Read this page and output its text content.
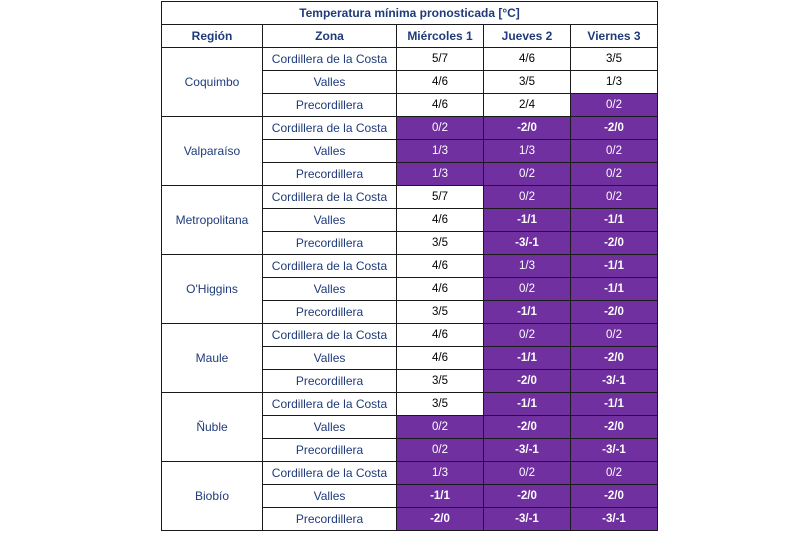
Temperatura mínima pronosticada [°C]				
Región	Zona	Miércoles 1	Jueves 2	Viernes 3
Coquimbo	Cordillera de la Costa	5/7	4/6	3/5
	Valles	4/6	3/5	1/3
	Precordillera	4/6	2/4	0/2
Valparaíso	Cordillera de la Costa	0/2	-2/0	-2/0
	Valles	1/3	1/3	0/2
	Precordillera	1/3	0/2	0/2
Metropolitana	Cordillera de la Costa	5/7	0/2	0/2
	Valles	4/6	-1/1	-1/1
	Precordillera	3/5	-3/-1	-2/0
O'Higgins	Cordillera de la Costa	4/6	1/3	-1/1
	Valles	4/6	0/2	-1/1
	Precordillera	3/5	-1/1	-2/0
Maule	Cordillera de la Costa	4/6	0/2	0/2
	Valles	4/6	-1/1	-2/0
	Precordillera	3/5	-2/0	-3/-1
Ñuble	Cordillera de la Costa	3/5	-1/1	-1/1
	Valles	0/2	-2/0	-2/0
	Precordillera	0/2	-3/-1	-3/-1
Biobío	Cordillera de la Costa	1/3	0/2	0/2
	Valles	-1/1	-2/0	-2/0
	Precordillera	-2/0	-3/-1	-3/-1
